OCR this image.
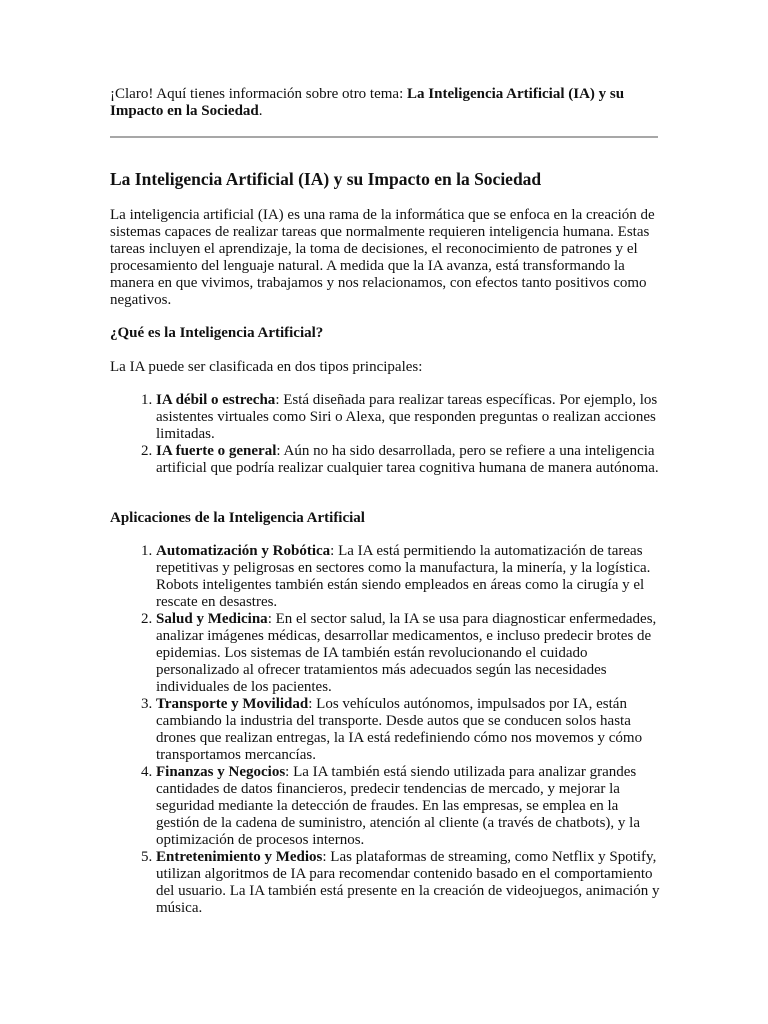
¡Claro! Aquí tienes información sobre otro tema: La Inteligencia Artificial (IA) y su Impacto en la Sociedad.

La Inteligencia Artificial (IA) y su Impacto en la Sociedad

La inteligencia artificial (IA) es una rama de la informática que se enfoca en la creación de sistemas capaces de realizar tareas que normalmente requieren inteligencia humana. Estas tareas incluyen el aprendizaje, la toma de decisiones, el reconocimiento de patrones y el procesamiento del lenguaje natural. A medida que la IA avanza, está transformando la manera en que vivimos, trabajamos y nos relacionamos, con efectos tanto positivos como negativos.

¿Qué es la Inteligencia Artificial?

La IA puede ser clasificada en dos tipos principales:

1. IA débil o estrecha: Está diseñada para realizar tareas específicas. Por ejemplo, los asistentes virtuales como Siri o Alexa, que responden preguntas o realizan acciones limitadas.
2. IA fuerte o general: Aún no ha sido desarrollada, pero se refiere a una inteligencia artificial que podría realizar cualquier tarea cognitiva humana de manera autónoma.

Aplicaciones de la Inteligencia Artificial

1. Automatización y Robótica: La IA está permitiendo la automatización de tareas repetitivas y peligrosas en sectores como la manufactura, la minería, y la logística. Robots inteligentes también están siendo empleados en áreas como la cirugía y el rescate en desastres.
2. Salud y Medicina: En el sector salud, la IA se usa para diagnosticar enfermedades, analizar imágenes médicas, desarrollar medicamentos, e incluso predecir brotes de epidemias. Los sistemas de IA también están revolucionando el cuidado personalizado al ofrecer tratamientos más adecuados según las necesidades individuales de los pacientes.
3. Transporte y Movilidad: Los vehículos autónomos, impulsados por IA, están cambiando la industria del transporte. Desde autos que se conducen solos hasta drones que realizan entregas, la IA está redefiniendo cómo nos movemos y cómo transportamos mercancías.
4. Finanzas y Negocios: La IA también está siendo utilizada para analizar grandes cantidades de datos financieros, predecir tendencias de mercado, y mejorar la seguridad mediante la detección de fraudes. En las empresas, se emplea en la gestión de la cadena de suministro, atención al cliente (a través de chatbots), y la optimización de procesos internos.
5. Entretenimiento y Medios: Las plataformas de streaming, como Netflix y Spotify, utilizan algoritmos de IA para recomendar contenido basado en el comportamiento del usuario. La IA también está presente en la creación de videojuegos, animación y música.
